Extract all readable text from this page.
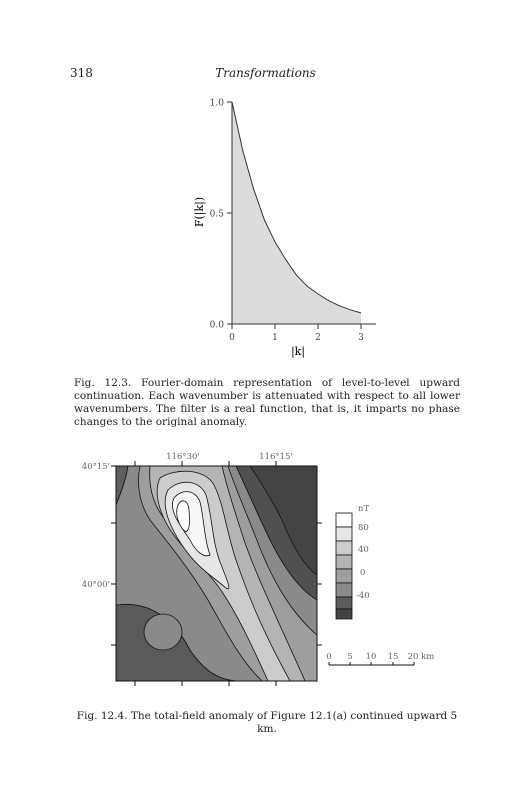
318	Transformations
0.0
0.5
1.0
0	1	2	3
|k|
F(|k|)
116°30'	116°15'
40°15'
40°00'
nT
80
40
0
-40
0 5 10 15 20 km
Fig. 12.3. Fourier-domain representation of level-to-level upward continuation. Each wavenumber is attenuated with respect to all lower wavenumbers. The filter is a real function, that is, it imparts no phase changes to the original anomaly.
Fig. 12.4. The total-field anomaly of Figure 12.1(a) continued upward 5 km.
